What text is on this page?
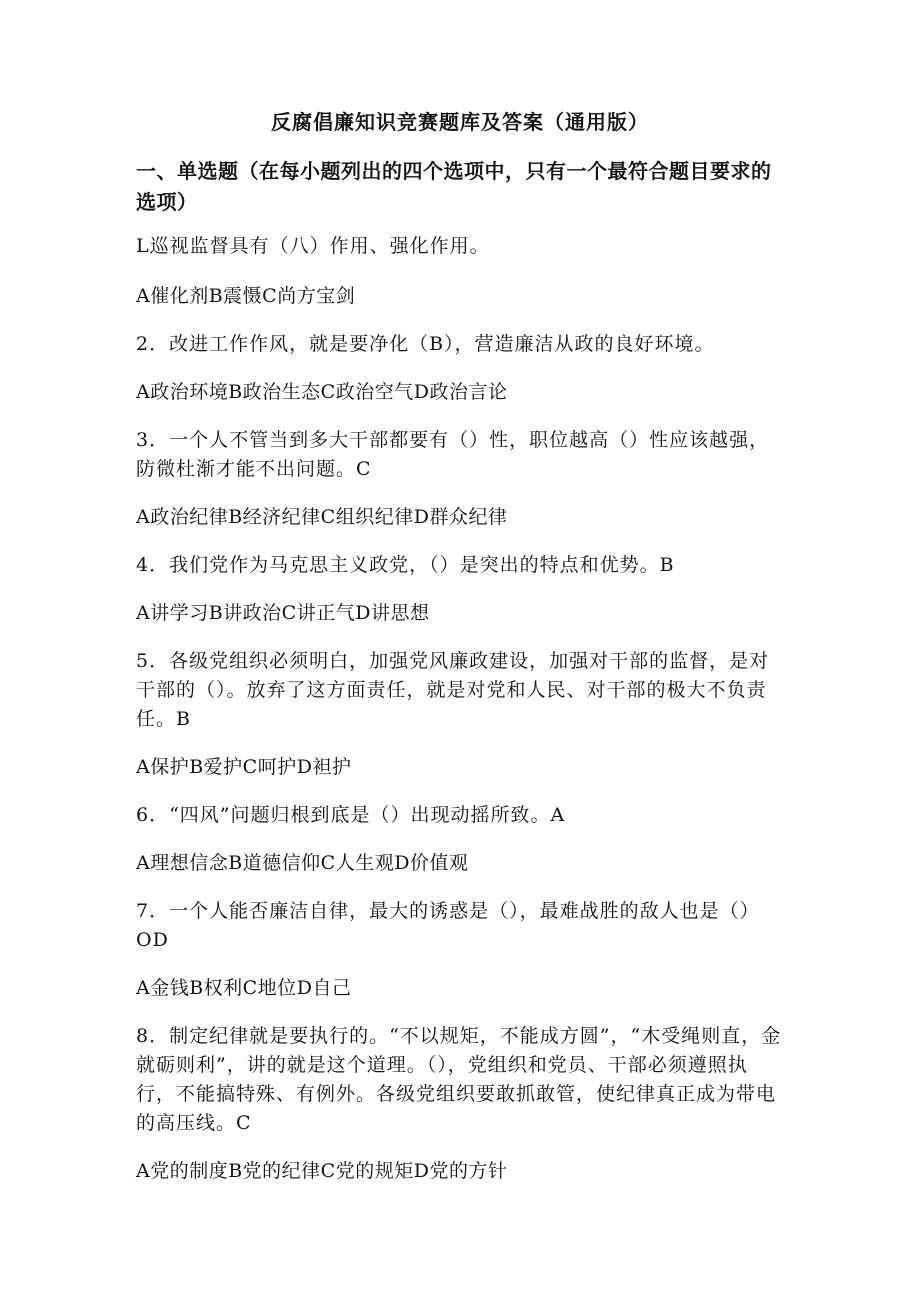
反腐倡廉知识竞赛题库及答案（通用版）
一、单选题（在每小题列出的四个选项中，只有一个最符合题目要求的选项）
L巡视监督具有（八）作用、强化作用。
A催化剂B震慑C尚方宝剑
2．改进工作作风，就是要净化（B），营造廉洁从政的良好环境。
A政治环境B政治生态C政治空气D政治言论
3．一个人不管当到多大干部都要有（）性，职位越高（）性应该越强，防微杜渐才能不出问题。C
A政治纪律B经济纪律C组织纪律D群众纪律
4．我们党作为马克思主义政党，（）是突出的特点和优势。B
A讲学习B讲政治C讲正气D讲思想
5．各级党组织必须明白，加强党风廉政建设，加强对干部的监督，是对干部的（）。放弃了这方面责任，就是对党和人民、对干部的极大不负责任。B
A保护B爱护C呵护D袒护
6．“四风”问题归根到底是（）出现动摇所致。A
A理想信念B道德信仰C人生观D价值观
7．一个人能否廉洁自律，最大的诱惑是（），最难战胜的敌人也是（）OD
A金钱B权利C地位D自己
8．制定纪律就是要执行的。“不以规矩，不能成方圆”，“木受绳则直，金就砺则利”，讲的就是这个道理。（），党组织和党员、干部必须遵照执行，不能搞特殊、有例外。各级党组织要敢抓敢管，使纪律真正成为带电的高压线。C
A党的制度B党的纪律C党的规矩D党的方针
